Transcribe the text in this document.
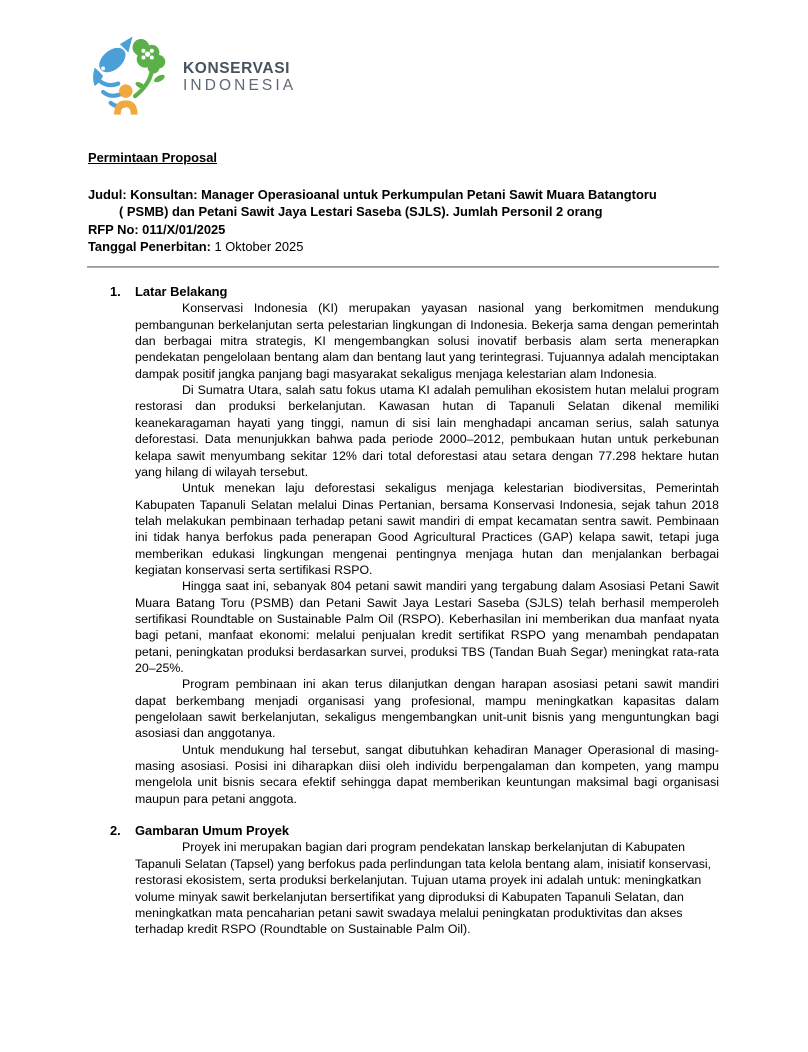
KONSERVASI
INDONESIA
Permintaan Proposal
Judul: Konsultan: Manager Operasioanal untuk Perkumpulan Petani Sawit Muara Batangtoru
( PSMB) dan Petani Sawit Jaya Lestari Saseba (SJLS). Jumlah Personil 2 orang
RFP No: 011/X/01/2025
Tanggal Penerbitan: 1 Oktober 2025
1.	Latar Belakang

Konservasi Indonesia (KI) merupakan yayasan nasional yang berkomitmen mendukung pembangunan berkelanjutan serta pelestarian lingkungan di Indonesia. Bekerja sama dengan pemerintah dan berbagai mitra strategis, KI mengembangkan solusi inovatif berbasis alam serta menerapkan pendekatan pengelolaan bentang alam dan bentang laut yang terintegrasi. Tujuannya adalah menciptakan dampak positif jangka panjang bagi masyarakat sekaligus menjaga kelestarian alam Indonesia.

Di Sumatra Utara, salah satu fokus utama KI adalah pemulihan ekosistem hutan melalui program restorasi dan produksi berkelanjutan. Kawasan hutan di Tapanuli Selatan dikenal memiliki keanekaragaman hayati yang tinggi, namun di sisi lain menghadapi ancaman serius, salah satunya deforestasi. Data menunjukkan bahwa pada periode 2000–2012, pembukaan hutan untuk perkebunan kelapa sawit menyumbang sekitar 12% dari total deforestasi atau setara dengan 77.298 hektare hutan yang hilang di wilayah tersebut.

Untuk menekan laju deforestasi sekaligus menjaga kelestarian biodiversitas, Pemerintah Kabupaten Tapanuli Selatan melalui Dinas Pertanian, bersama Konservasi Indonesia, sejak tahun 2018 telah melakukan pembinaan terhadap petani sawit mandiri di empat kecamatan sentra sawit. Pembinaan ini tidak hanya berfokus pada penerapan Good Agricultural Practices (GAP) kelapa sawit, tetapi juga memberikan edukasi lingkungan mengenai pentingnya menjaga hutan dan menjalankan berbagai kegiatan konservasi serta sertifikasi RSPO.

Hingga saat ini, sebanyak 804 petani sawit mandiri yang tergabung dalam Asosiasi Petani Sawit Muara Batang Toru (PSMB) dan Petani Sawit Jaya Lestari Saseba (SJLS) telah berhasil memperoleh sertifikasi Roundtable on Sustainable Palm Oil (RSPO). Keberhasilan ini memberikan dua manfaat nyata bagi petani, manfaat ekonomi: melalui penjualan kredit sertifikat RSPO yang menambah pendapatan petani, peningkatan produksi berdasarkan survei, produksi TBS (Tandan Buah Segar) meningkat rata-rata 20–25%.

Program pembinaan ini akan terus dilanjutkan dengan harapan asosiasi petani sawit mandiri dapat berkembang menjadi organisasi yang profesional, mampu meningkatkan kapasitas dalam pengelolaan sawit berkelanjutan, sekaligus mengembangkan unit-unit bisnis yang menguntungkan bagi asosiasi dan anggotanya.

Untuk mendukung hal tersebut, sangat dibutuhkan kehadiran Manager Operasional di masing-masing asosiasi. Posisi ini diharapkan diisi oleh individu berpengalaman dan kompeten, yang mampu mengelola unit bisnis secara efektif sehingga dapat memberikan keuntungan maksimal bagi organisasi maupun para petani anggota.

2.	Gambaran Umum Proyek

Proyek ini merupakan bagian dari program pendekatan lanskap berkelanjutan di Kabupaten Tapanuli Selatan (Tapsel) yang berfokus pada perlindungan tata kelola bentang alam, inisiatif konservasi, restorasi ekosistem, serta produksi berkelanjutan. Tujuan utama proyek ini adalah untuk: meningkatkan volume minyak sawit berkelanjutan bersertifikat yang diproduksi di Kabupaten Tapanuli Selatan, dan meningkatkan mata pencaharian petani sawit swadaya melalui peningkatan produktivitas dan akses terhadap kredit RSPO (Roundtable on Sustainable Palm Oil).
